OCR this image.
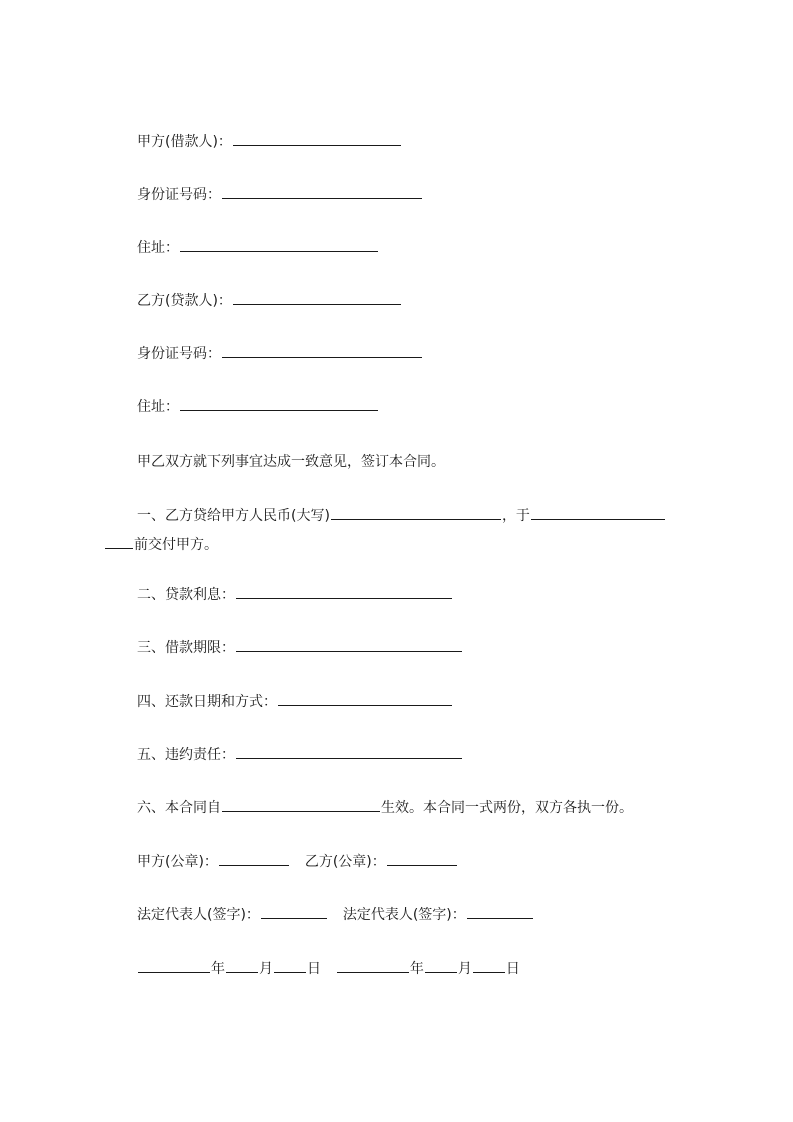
甲方(借款人)：
身份证号码：
住址：
乙方(贷款人)：
身份证号码：
住址：
甲乙双方就下列事宜达成一致意见，签订本合同。
一、乙方贷给甲方人民币(大写)	，于
前交付甲方。
二、贷款利息：
三、借款期限：
四、还款日期和方式：
五、违约责任：
六、本合同自	生效。本合同一式两份，双方各执一份。
甲方(公章)：	乙方(公章)：
法定代表人(签字)：	法定代表人(签字)：
年 月 日	年 月 日
